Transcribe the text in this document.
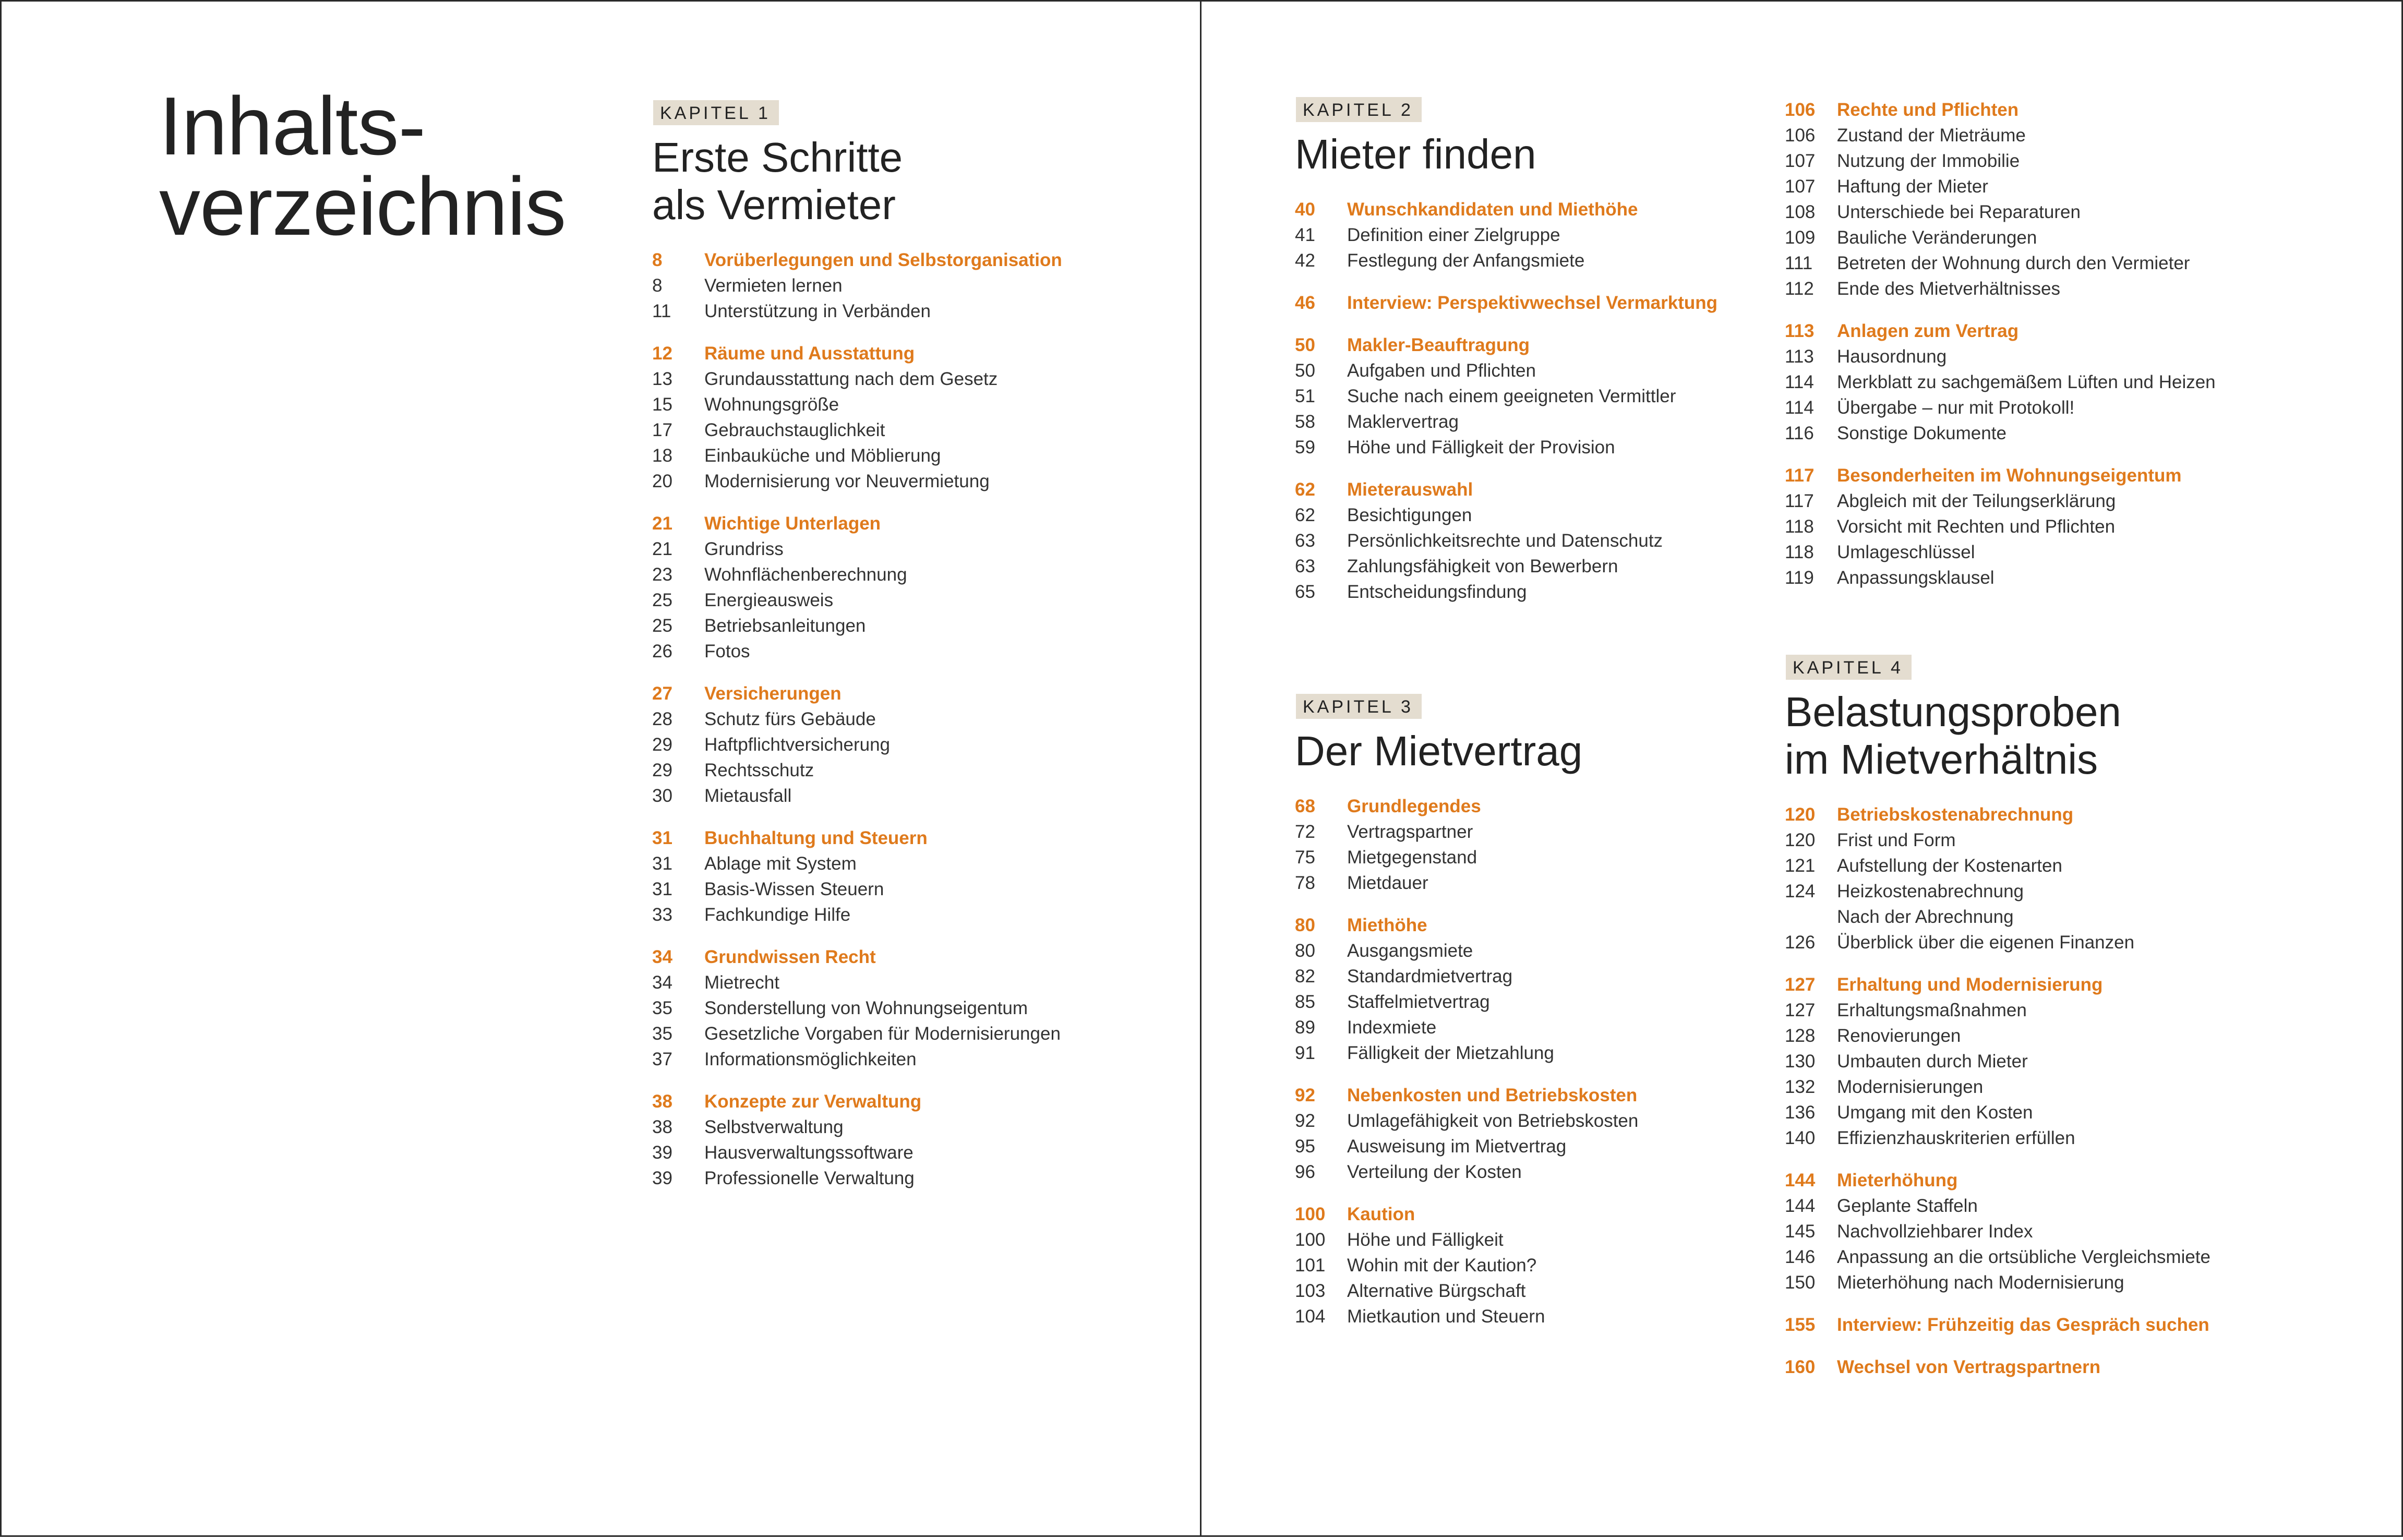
Inhalts-
verzeichnis
KAPITEL 1
Erste Schritte
als Vermieter
8 Vorüberlegungen und Selbstorganisation
8 Vermieten lernen
11 Unterstützung in Verbänden
12 Räume und Ausstattung
13 Grundausstattung nach dem Gesetz
15 Wohnungsgröße
17 Gebrauchstauglichkeit
18 Einbauküche und Möblierung
20 Modernisierung vor Neuvermietung
21 Wichtige Unterlagen
21 Grundriss
23 Wohnflächenberechnung
25 Energieausweis
25 Betriebsanleitungen
26 Fotos
27 Versicherungen
28 Schutz fürs Gebäude
29 Haftpflichtversicherung
29 Rechtsschutz
30 Mietausfall
31 Buchhaltung und Steuern
31 Ablage mit System
31 Basis-Wissen Steuern
33 Fachkundige Hilfe
34 Grundwissen Recht
34 Mietrecht
35 Sonderstellung von Wohnungseigentum
35 Gesetzliche Vorgaben für Modernisierungen
37 Informationsmöglichkeiten
38 Konzepte zur Verwaltung
38 Selbstverwaltung
39 Hausverwaltungssoftware
39 Professionelle Verwaltung
KAPITEL 2
Mieter finden
40 Wunschkandidaten und Miethöhe
41 Definition einer Zielgruppe
42 Festlegung der Anfangsmiete
46 Interview: Perspektivwechsel Vermarktung
50 Makler-Beauftragung
50 Aufgaben und Pflichten
51 Suche nach einem geeigneten Vermittler
58 Maklervertrag
59 Höhe und Fälligkeit der Provision
62 Mieterauswahl
62 Besichtigungen
63 Persönlichkeitsrechte und Datenschutz
63 Zahlungsfähigkeit von Bewerbern
65 Entscheidungsfindung
KAPITEL 3
Der Mietvertrag
68 Grundlegendes
72 Vertragspartner
75 Mietgegenstand
78 Mietdauer
80 Miethöhe
80 Ausgangsmiete
82 Standardmietvertrag
85 Staffelmietvertrag
89 Indexmiete
91 Fälligkeit der Mietzahlung
92 Nebenkosten und Betriebskosten
92 Umlagefähigkeit von Betriebskosten
95 Ausweisung im Mietvertrag
96 Verteilung der Kosten
100 Kaution
100 Höhe und Fälligkeit
101 Wohin mit der Kaution?
103 Alternative Bürgschaft
104 Mietkaution und Steuern
106 Rechte und Pflichten
106 Zustand der Mieträume
107 Nutzung der Immobilie
107 Haftung der Mieter
108 Unterschiede bei Reparaturen
109 Bauliche Veränderungen
111 Betreten der Wohnung durch den Vermieter
112 Ende des Mietverhältnisses
113 Anlagen zum Vertrag
113 Hausordnung
114 Merkblatt zu sachgemäßem Lüften und Heizen
114 Übergabe – nur mit Protokoll!
116 Sonstige Dokumente
117 Besonderheiten im Wohnungseigentum
117 Abgleich mit der Teilungserklärung
118 Vorsicht mit Rechten und Pflichten
118 Umlageschlüssel
119 Anpassungsklausel
KAPITEL 4
Belastungsproben
im Mietverhältnis
120 Betriebskostenabrechnung
120 Frist und Form
121 Aufstellung der Kostenarten
124 Heizkostenabrechnung
Nach der Abrechnung
126 Überblick über die eigenen Finanzen
127 Erhaltung und Modernisierung
127 Erhaltungsmaßnahmen
128 Renovierungen
130 Umbauten durch Mieter
132 Modernisierungen
136 Umgang mit den Kosten
140 Effizienzhauskriterien erfüllen
144 Mieterhöhung
144 Geplante Staffeln
145 Nachvollziehbarer Index
146 Anpassung an die ortsübliche Vergleichsmiete
150 Mieterhöhung nach Modernisierung
155 Interview: Frühzeitig das Gespräch suchen
160 Wechsel von Vertragspartnern
